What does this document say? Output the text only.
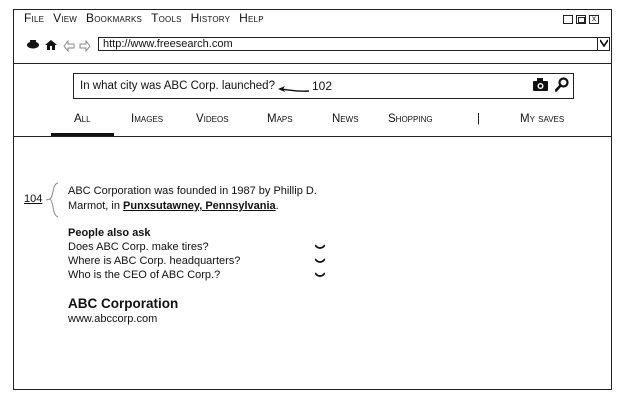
File View Bookmarks Tools History Help	x
http://www.freesearch.com
In what city was ABC Corp. launched?	102
All	Images	Videos	Maps	News	Shopping	|	My saves
104
ABC Corporation was founded in 1987 by Phillip D.
Marmot, in Punxsutawney, Pennsylvania.
People also ask
Does ABC Corp. make tires?
Where is ABC Corp. headquarters?
Who is the CEO of ABC Corp.?
ABC Corporation
www.abccorp.com
